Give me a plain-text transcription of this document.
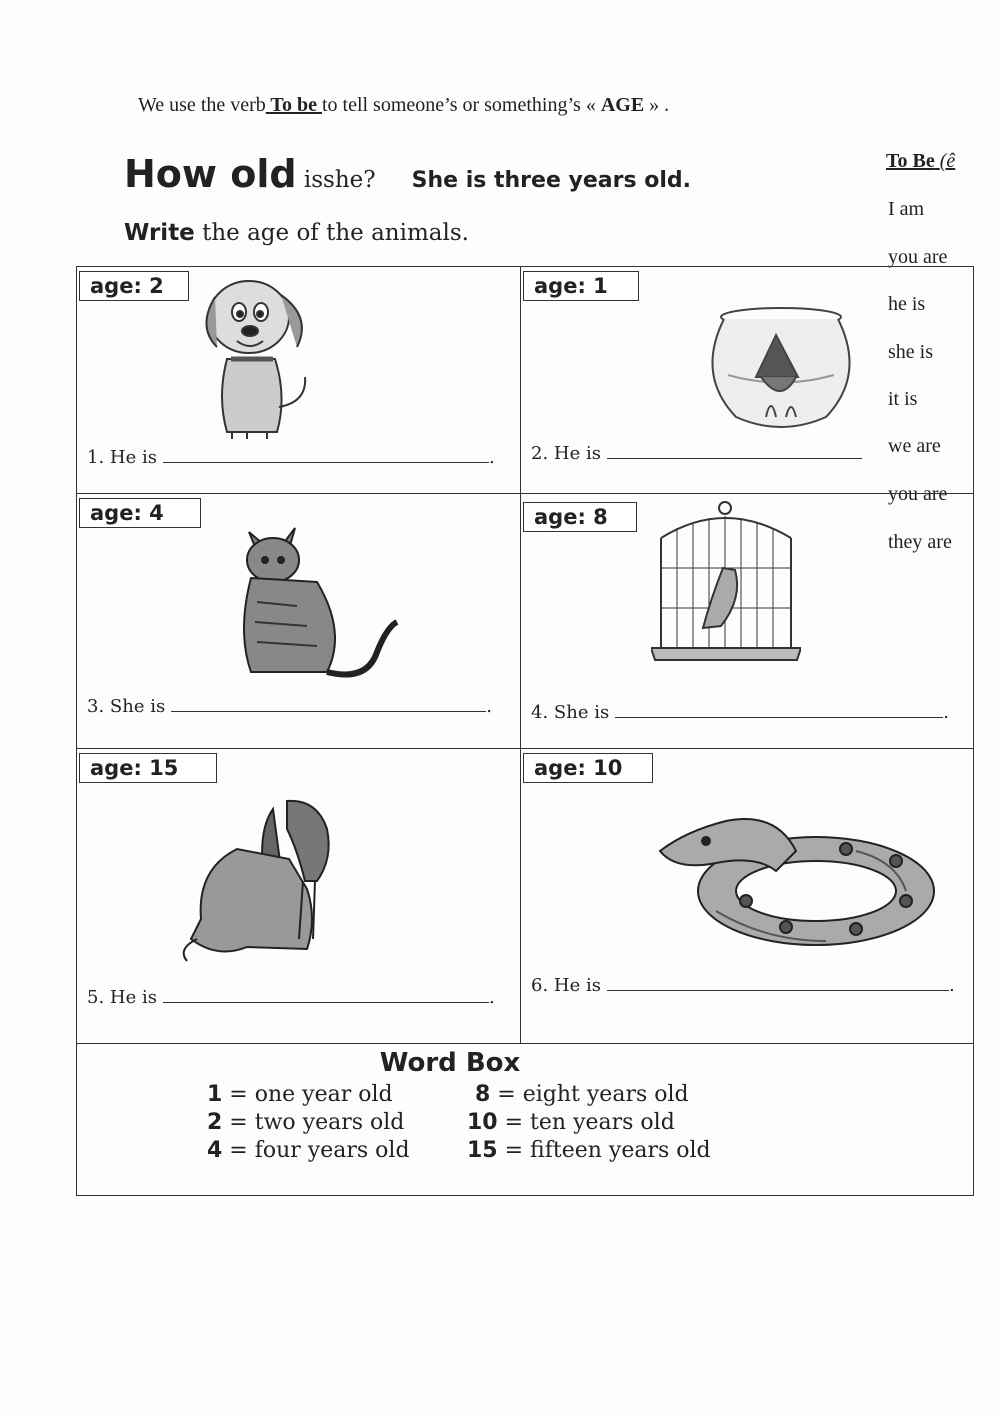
We use the verb To be to tell someone’s or something’s « AGE » .
How old isshe? She is three years old.
Write the age of the animals.
To Be (ê
I am
you are
he is
she is
it is
we are
you are
they are
age: 2
1. He is	.
age: 1
2. He is
age: 4
3. She is	.
age: 8
4. She is	.
age: 15
5. He is	.
age: 10
6. He is	.
Word Box
1 = one year old
2 = two years old
4 = four years old
8 = eight years old
10 = ten years old
15 = fifteen years old
